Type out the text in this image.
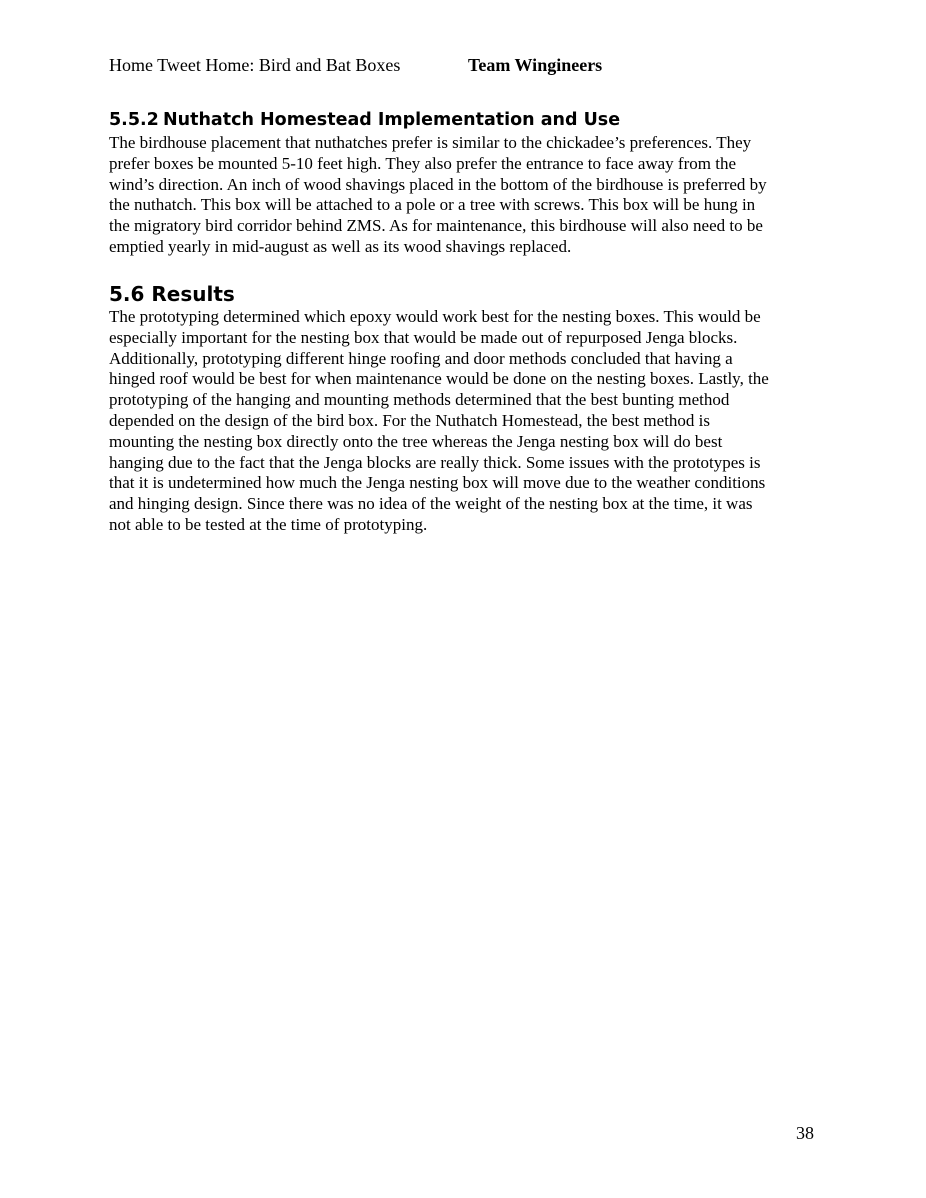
Home Tweet Home: Bird and Bat Boxes	Team Wingineers
5.5.2 Nuthatch Homestead Implementation and Use
The birdhouse placement that nuthatches prefer is similar to the chickadee’s preferences. They
prefer boxes be mounted 5-10 feet high. They also prefer the entrance to face away from the
wind’s direction. An inch of wood shavings placed in the bottom of the birdhouse is preferred by
the nuthatch. This box will be attached to a pole or a tree with screws. This box will be hung in
the migratory bird corridor behind ZMS. As for maintenance, this birdhouse will also need to be
emptied yearly in mid-august as well as its wood shavings replaced.
5.6 Results
The prototyping determined which epoxy would work best for the nesting boxes. This would be
especially important for the nesting box that would be made out of repurposed Jenga blocks.
Additionally, prototyping different hinge roofing and door methods concluded that having a
hinged roof would be best for when maintenance would be done on the nesting boxes. Lastly, the
prototyping of the hanging and mounting methods determined that the best bunting method
depended on the design of the bird box. For the Nuthatch Homestead, the best method is
mounting the nesting box directly onto the tree whereas the Jenga nesting box will do best
hanging due to the fact that the Jenga blocks are really thick. Some issues with the prototypes is
that it is undetermined how much the Jenga nesting box will move due to the weather conditions
and hinging design. Since there was no idea of the weight of the nesting box at the time, it was
not able to be tested at the time of prototyping.
38
